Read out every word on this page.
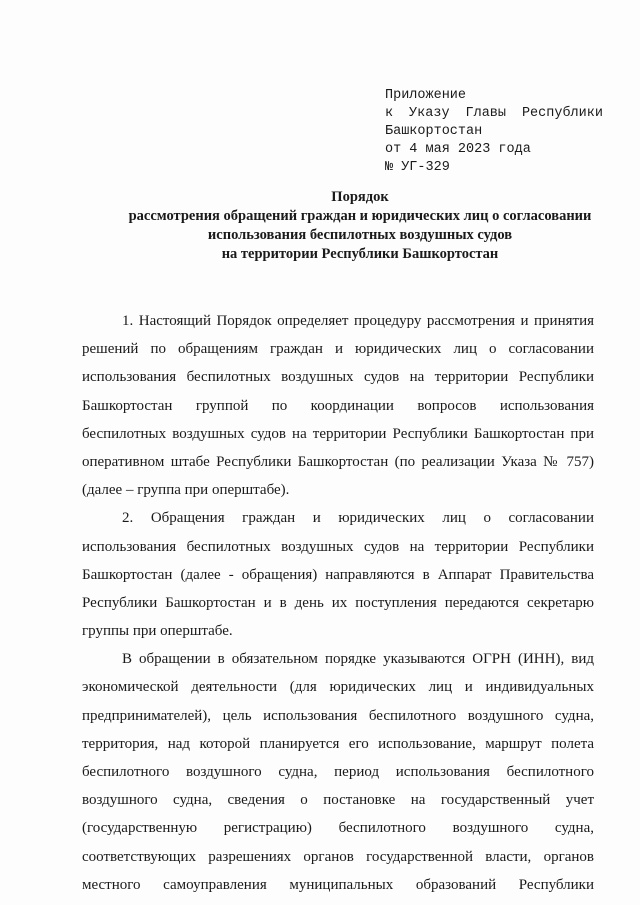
Приложение
к Указу Главы Республики
Башкортостан
от 4 мая 2023 года
№ УГ-329
Порядок
рассмотрения обращений граждан и юридических лиц о согласовании
использования беспилотных воздушных судов
на территории Республики Башкортостан
1. Настоящий Порядок определяет процедуру рассмотрения и принятия
решений по обращениям граждан и юридических лиц о согласовании
использования беспилотных воздушных судов на территории Республики
Башкортостан группой по координации вопросов использования
беспилотных воздушных судов на территории Республики Башкортостан при
оперативном штабе Республики Башкортостан (по реализации Указа № 757)
(далее – группа при оперштабе).
2. Обращения граждан и юридических лиц о согласовании
использования беспилотных воздушных судов на территории Республики
Башкортостан (далее - обращения) направляются в Аппарат Правительства
Республики Башкортостан и в день их поступления передаются секретарю
группы при оперштабе.
В обращении в обязательном порядке указываются ОГРН (ИНН), вид
экономической деятельности (для юридических лиц и индивидуальных
предпринимателей), цель использования беспилотного воздушного судна,
территория, над которой планируется его использование, маршрут полета
беспилотного воздушного судна, период использования беспилотного
воздушного судна, сведения о постановке на государственный учет
(государственную регистрацию) беспилотного воздушного судна,
соответствующих разрешениях органов государственной власти, органов
местного самоуправления муниципальных образований Республики
